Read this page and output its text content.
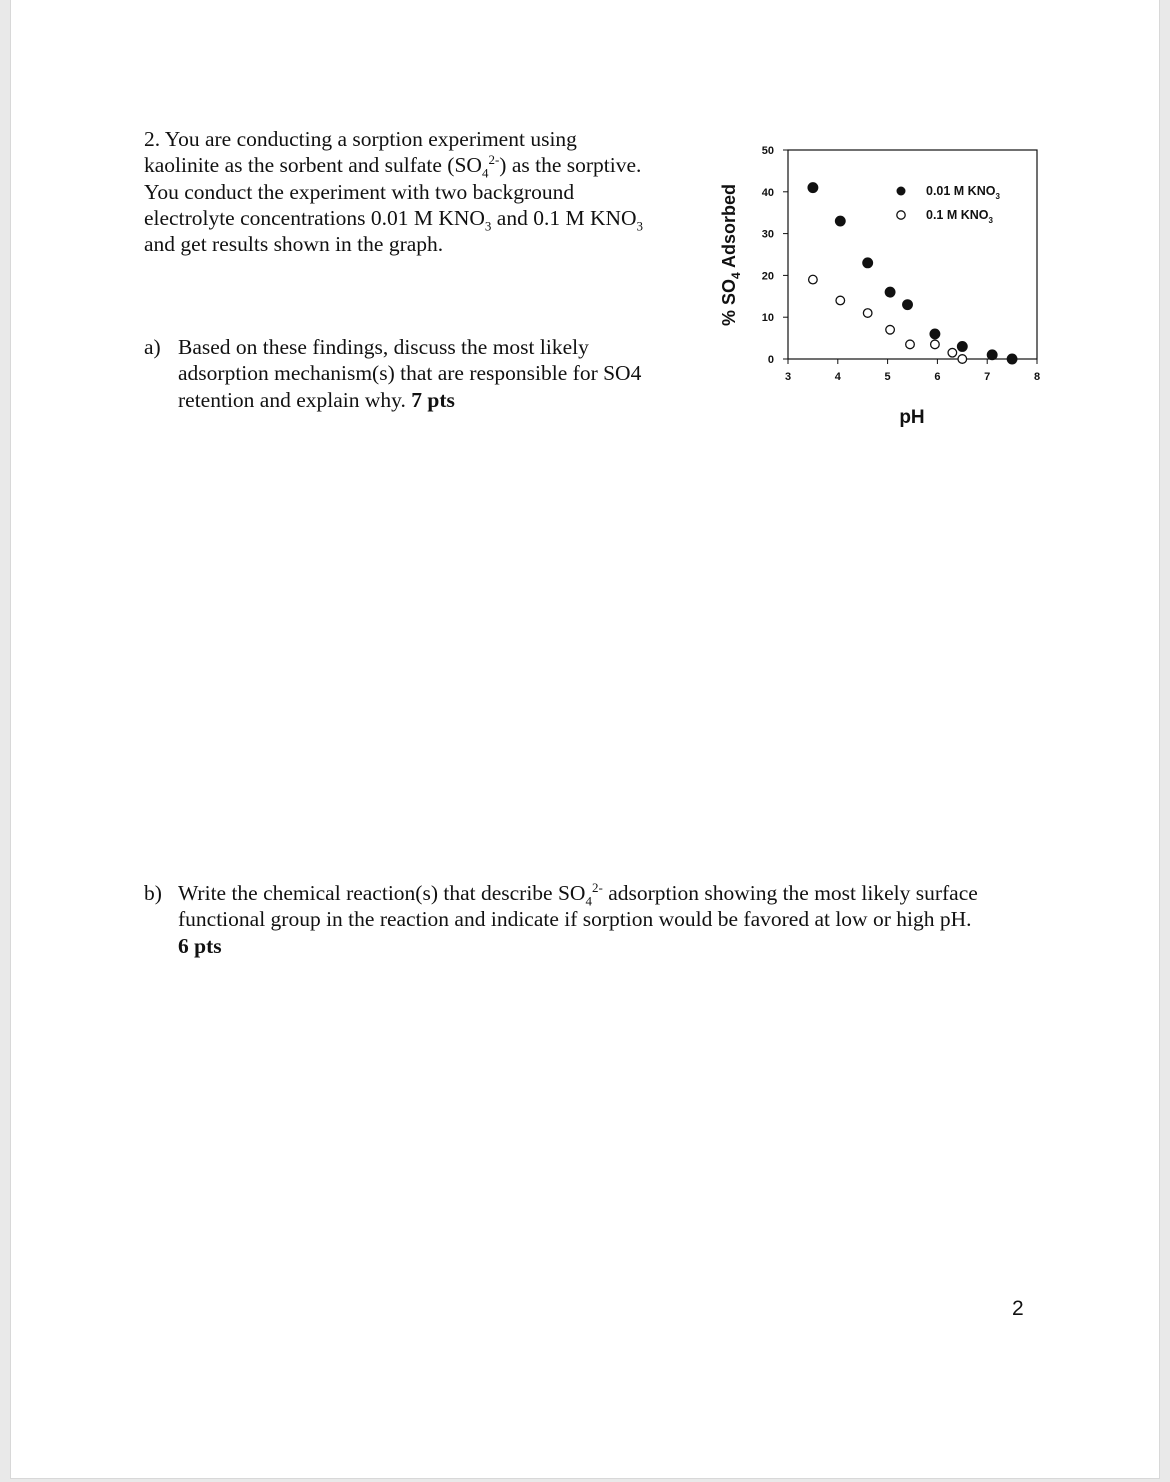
2. You are conducting a sorption experiment using
kaolinite as the sorbent and sulfate $(SO_4^{2-})$ as the sorptive.
You conduct the experiment with two background
electrolyte concentrations 0.01 M $KNO_3$ and 0.1 M $KNO_3$
and get results shown in the graph.
a) Based on these findings, discuss the most likely
adsorption mechanism(s) that are responsible for SO4
retention and explain why. 7 pts
b) Write the chemical reaction(s) that describe $SO_4^{2-}$ adsorption showing the most likely surface
functional group in the reaction and indicate if sorption would be favored at low or high pH.
6 pts
2
3	4	5	6	7	8
0
10
20
30
40
50
0.01 M $KNO_3$
0.1 M $KNO_3$
pH
% $SO_4$ Adsorbed
